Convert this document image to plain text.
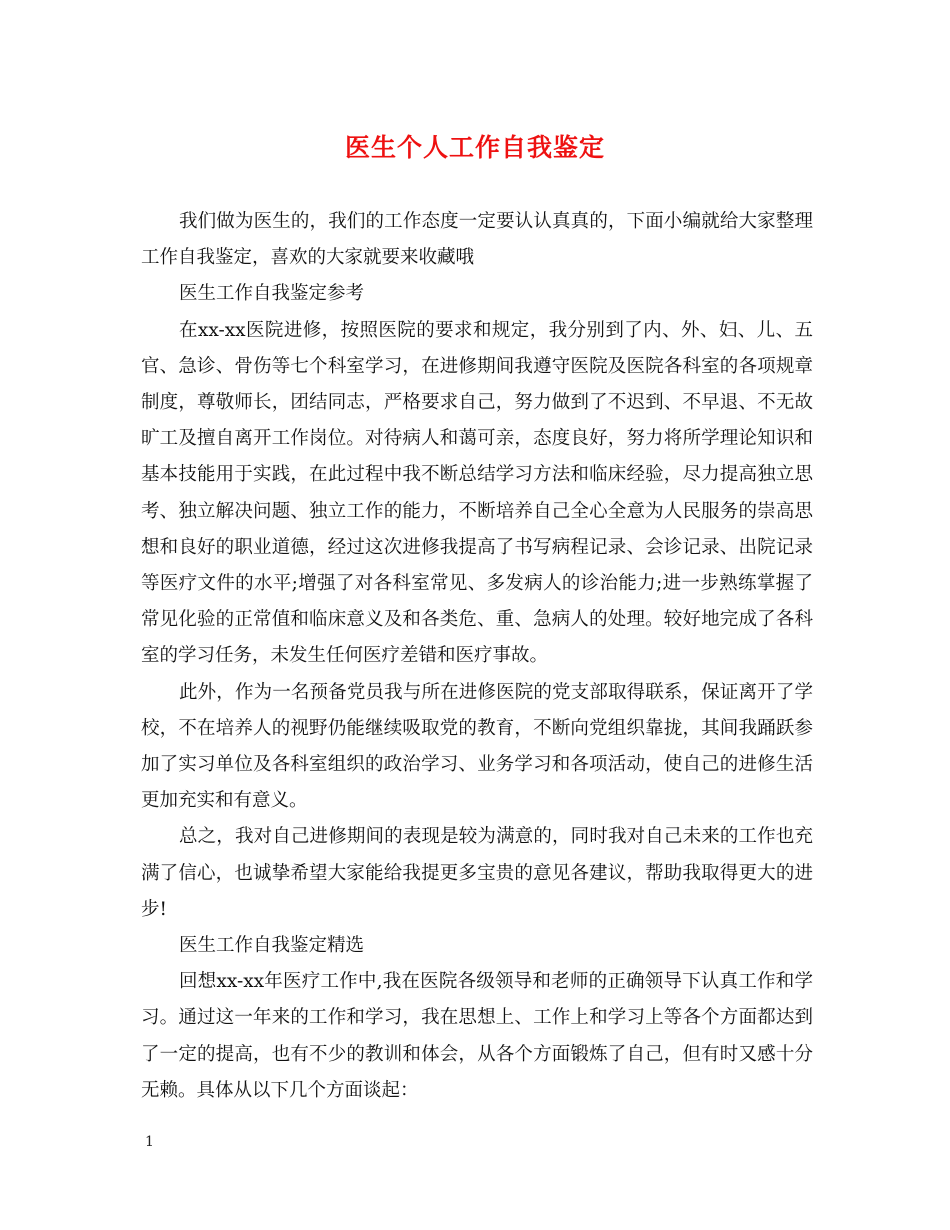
医生个人工作自我鉴定

我们做为医生的，我们的工作态度一定要认认真真的，下面小编就给大家整理工作自我鉴定，喜欢的大家就要来收藏哦

医生工作自我鉴定参考

在xx-xx医院进修，按照医院的要求和规定，我分别到了内、外、妇、儿、五官、急诊、骨伤等七个科室学习，在进修期间我遵守医院及医院各科室的各项规章制度，尊敬师长，团结同志，严格要求自己，努力做到了不迟到、不早退、不无故旷工及擅自离开工作岗位。对待病人和蔼可亲，态度良好，努力将所学理论知识和基本技能用于实践，在此过程中我不断总结学习方法和临床经验，尽力提高独立思考、独立解决问题、独立工作的能力，不断培养自己全心全意为人民服务的崇高思想和良好的职业道德，经过这次进修我提高了书写病程记录、会诊记录、出院记录等医疗文件的水平;增强了对各科室常见、多发病人的诊治能力;进一步熟练掌握了常见化验的正常值和临床意义及和各类危、重、急病人的处理。较好地完成了各科室的学习任务，未发生任何医疗差错和医疗事故。

此外，作为一名预备党员我与所在进修医院的党支部取得联系，保证离开了学校，不在培养人的视野仍能继续吸取党的教育，不断向党组织靠拢，其间我踊跃参加了实习单位及各科室组织的政治学习、业务学习和各项活动，使自己的进修生活更加充实和有意义。

总之，我对自己进修期间的表现是较为满意的，同时我对自己未来的工作也充满了信心，也诚挚希望大家能给我提更多宝贵的意见各建议，帮助我取得更大的进步!

医生工作自我鉴定精选

回想xx-xx年医疗工作中,我在医院各级领导和老师的正确领导下认真工作和学习。通过这一年来的工作和学习，我在思想上、工作上和学习上等各个方面都达到了一定的提高，也有不少的教训和体会，从各个方面锻炼了自己，但有时又感十分无赖。具体从以下几个方面谈起：

1
